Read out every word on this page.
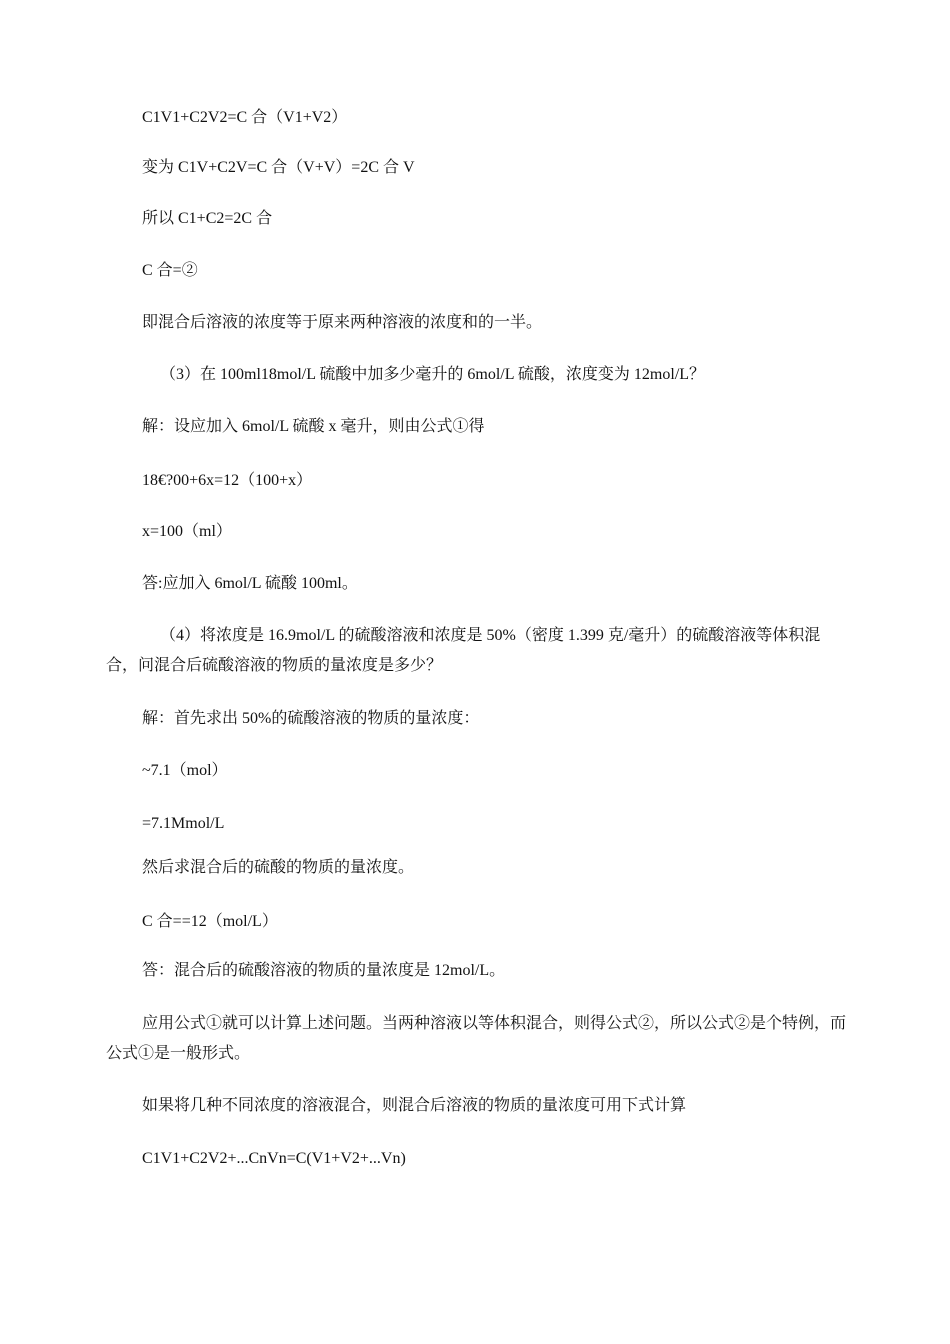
C1V1+C2V2=C 合（V1+V2）
变为 C1V+C2V=C 合（V+V）=2C 合 V
所以 C1+C2=2C 合
C 合=②
即混合后溶液的浓度等于原来两种溶液的浓度和的一半。
（3）在 100ml18mol/L 硫酸中加多少毫升的 6mol/L 硫酸，浓度变为 12mol/L？
解：设应加入 6mol/L 硫酸 x 毫升，则由公式①得
18€?00+6x=12（100+x）
x=100（ml）
答:应加入 6mol/L 硫酸 100ml。
（4）将浓度是 16.9mol/L 的硫酸溶液和浓度是 50%（密度 1.399 克/毫升）的硫酸溶液等体积混合，问混合后硫酸溶液的物质的量浓度是多少？
解：首先求出 50%的硫酸溶液的物质的量浓度：
~7.1（mol）
=7.1Mmol/L
然后求混合后的硫酸的物质的量浓度。
C 合==12（mol/L）
答：混合后的硫酸溶液的物质的量浓度是 12mol/L。
应用公式①就可以计算上述问题。当两种溶液以等体积混合，则得公式②，所以公式②是个特例，而公式①是一般形式。
如果将几种不同浓度的溶液混合，则混合后溶液的物质的量浓度可用下式计算
C1V1+C2V2+...CnVn=C(V1+V2+...Vn)
